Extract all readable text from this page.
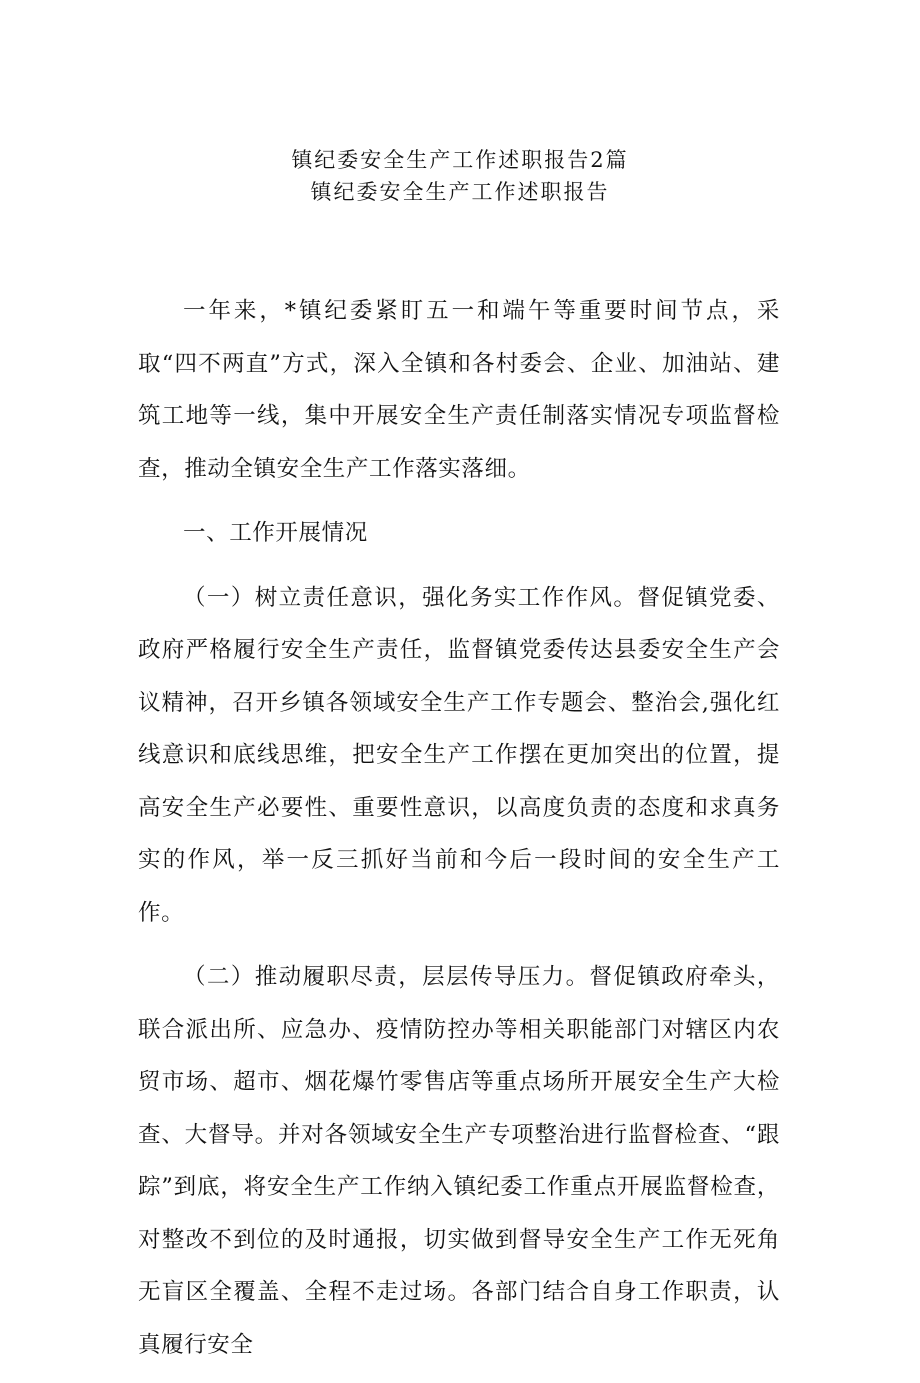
镇纪委安全生产工作述职报告2篇
镇纪委安全生产工作述职报告

一年来，*镇纪委紧盯五一和端午等重要时间节点，采取“四不两直”方式，深入全镇和各村委会、企业、加油站、建筑工地等一线，集中开展安全生产责任制落实情况专项监督检查，推动全镇安全生产工作落实落细。

一、工作开展情况

（一）树立责任意识，强化务实工作作风。督促镇党委、政府严格履行安全生产责任，监督镇党委传达县委安全生产会议精神，召开乡镇各领域安全生产工作专题会、整治会,强化红线意识和底线思维，把安全生产工作摆在更加突出的位置，提高安全生产必要性、重要性意识，以高度负责的态度和求真务实的作风，举一反三抓好当前和今后一段时间的安全生产工作。

（二）推动履职尽责，层层传导压力。督促镇政府牵头，联合派出所、应急办、疫情防控办等相关职能部门对辖区内农贸市场、超市、烟花爆竹零售店等重点场所开展安全生产大检查、大督导。并对各领域安全生产专项整治进行监督检查、“跟踪”到底，将安全生产工作纳入镇纪委工作重点开展监督检查，对整改不到位的及时通报，切实做到督导安全生产工作无死角无盲区全覆盖、全程不走过场。各部门结合自身工作职责，认真履行安全
